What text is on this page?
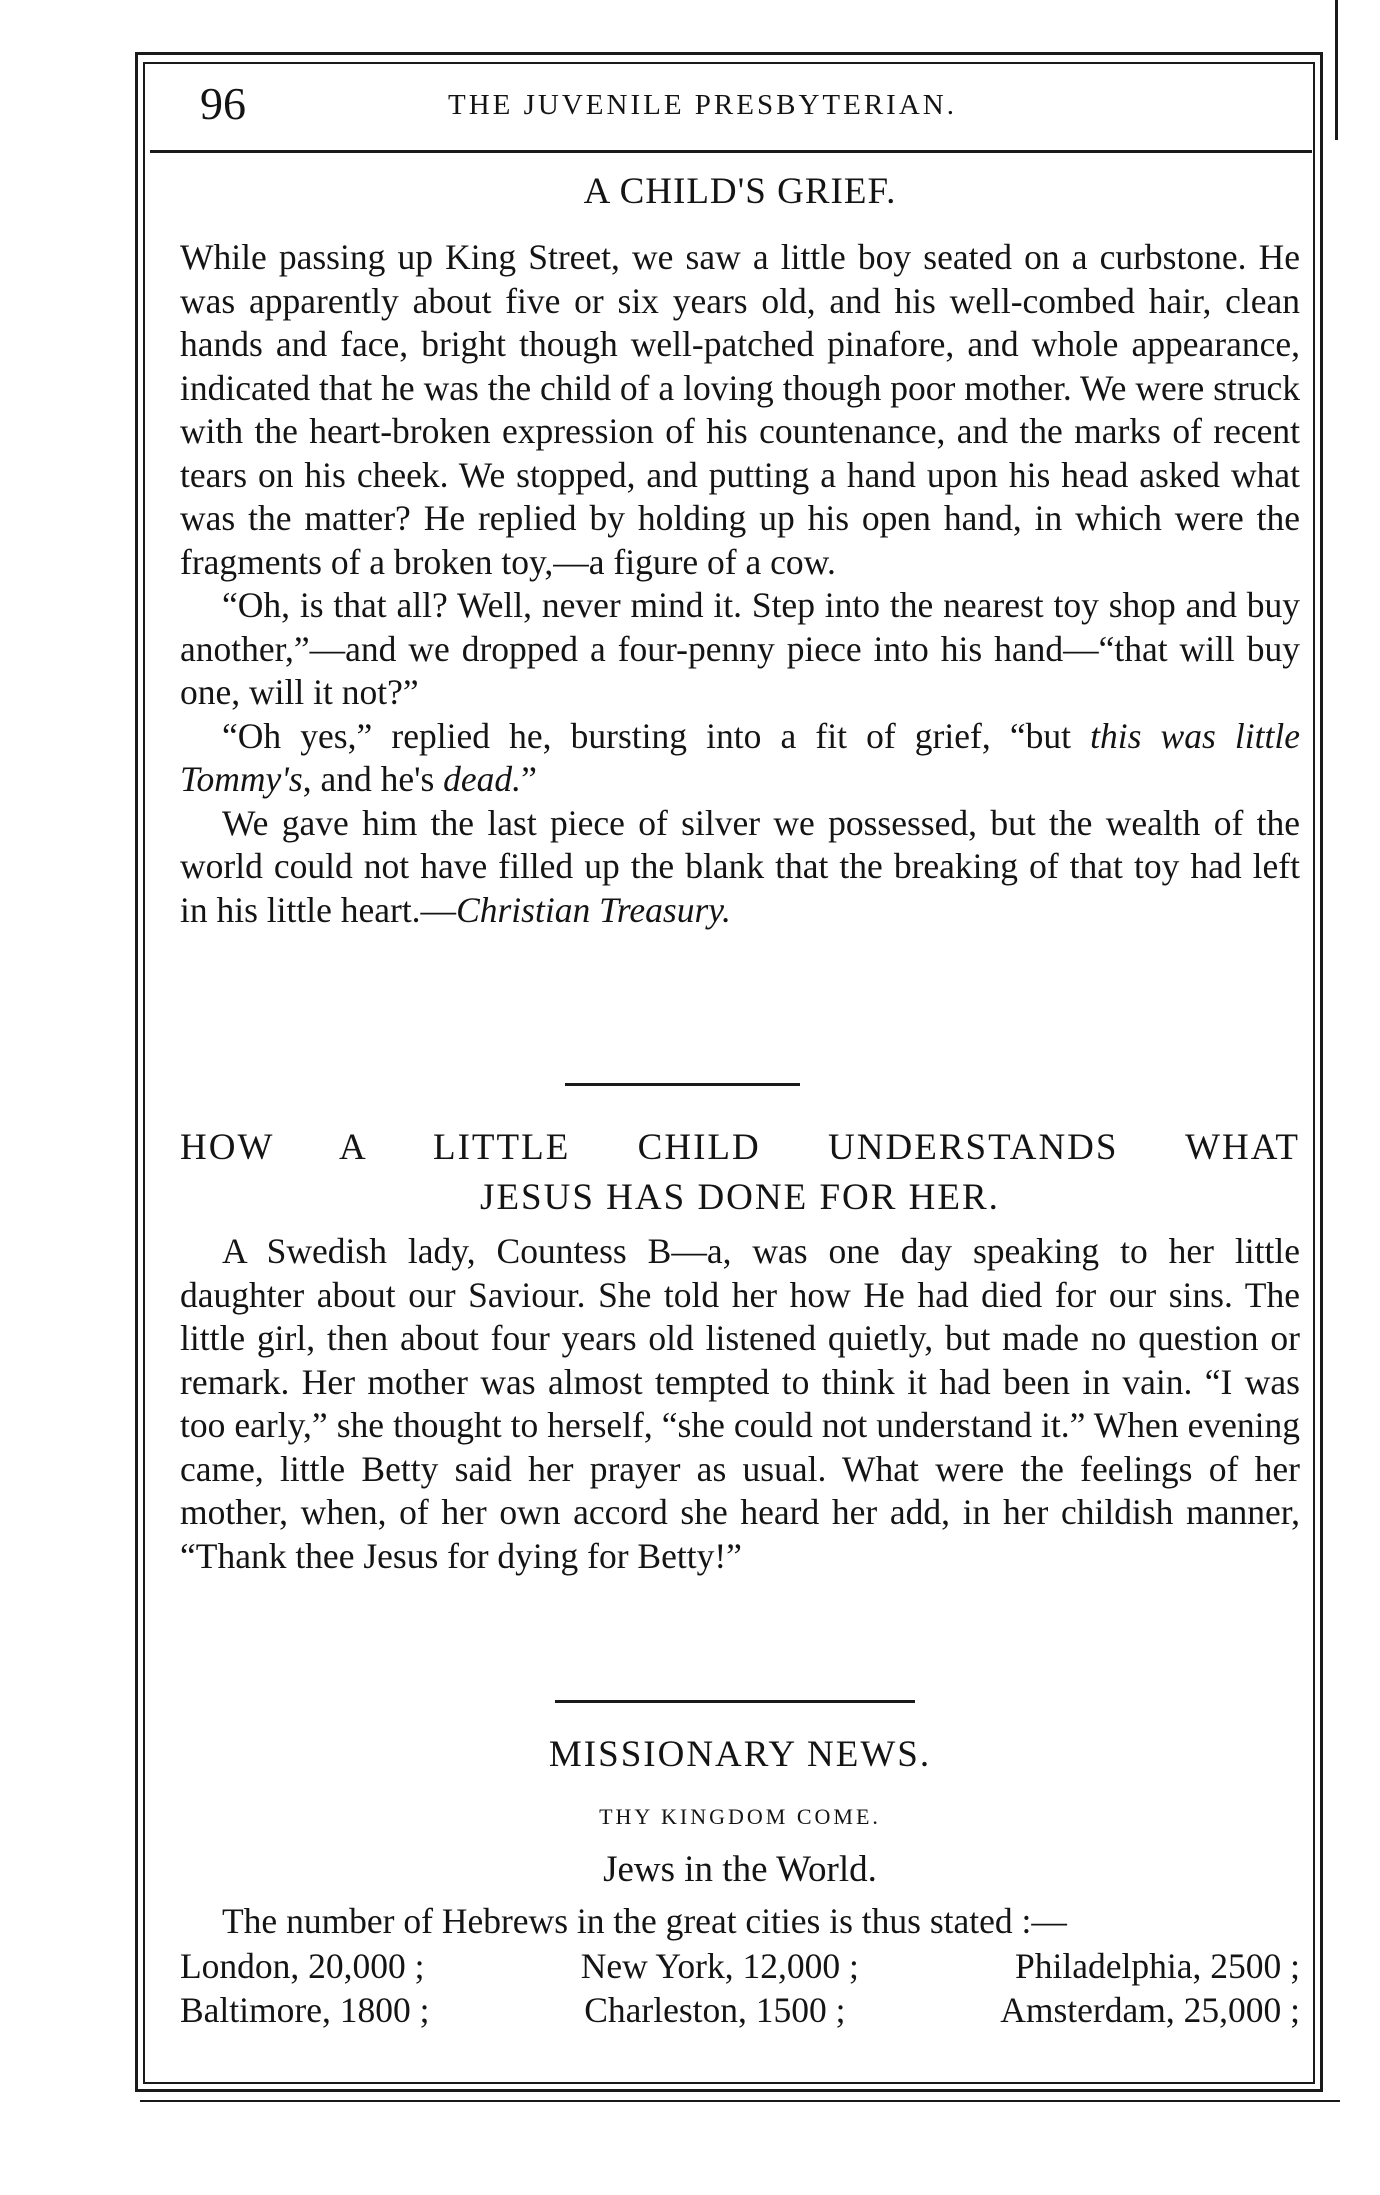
96	THE JUVENILE PRESBYTERIAN.
A CHILD'S GRIEF.

While passing up King Street, we saw a little boy seated on a curbstone. He was apparently about five or six years old, and his well-combed hair, clean hands and face, bright though well-patched pinafore, and whole appearance, indicated that he was the child of a loving though poor mother. We were struck with the heart-broken expression of his countenance, and the marks of recent tears on his cheek. We stopped, and putting a hand upon his head asked what was the matter? He replied by holding up his open hand, in which were the fragments of a broken toy,—a figure of a cow.

“Oh, is that all? Well, never mind it. Step into the nearest toy shop and buy another,”—and we dropped a four-penny piece into his hand—“that will buy one, will it not?”

“Oh yes,” replied he, bursting into a fit of grief, “but this was little Tommy's, and he's dead.”

We gave him the last piece of silver we possessed, but the wealth of the world could not have filled up the blank that the breaking of that toy had left in his little heart.—Christian Treasury.

HOW A LITTLE CHILD UNDERSTANDS WHAT
JESUS HAS DONE FOR HER.

A Swedish lady, Countess B—a, was one day speaking to her little daughter about our Saviour. She told her how He had died for our sins. The little girl, then about four years old listened quietly, but made no question or remark. Her mother was almost tempted to think it had been in vain. “I was too early,” she thought to herself, “she could not understand it.” When evening came, little Betty said her prayer as usual. What were the feelings of her mother, when, of her own accord she heard her add, in her childish manner, “Thank thee Jesus for dying for Betty!”

MISSIONARY NEWS.
THY KINGDOM COME.
Jews in the World.

The number of Hebrews in the great cities is thus stated :—

London, 20,000 ;	New York, 12,000 ;	Philadelphia, 2500 ;
Baltimore, 1800 ;	Charleston, 1500 ;	Amsterdam, 25,000 ;
